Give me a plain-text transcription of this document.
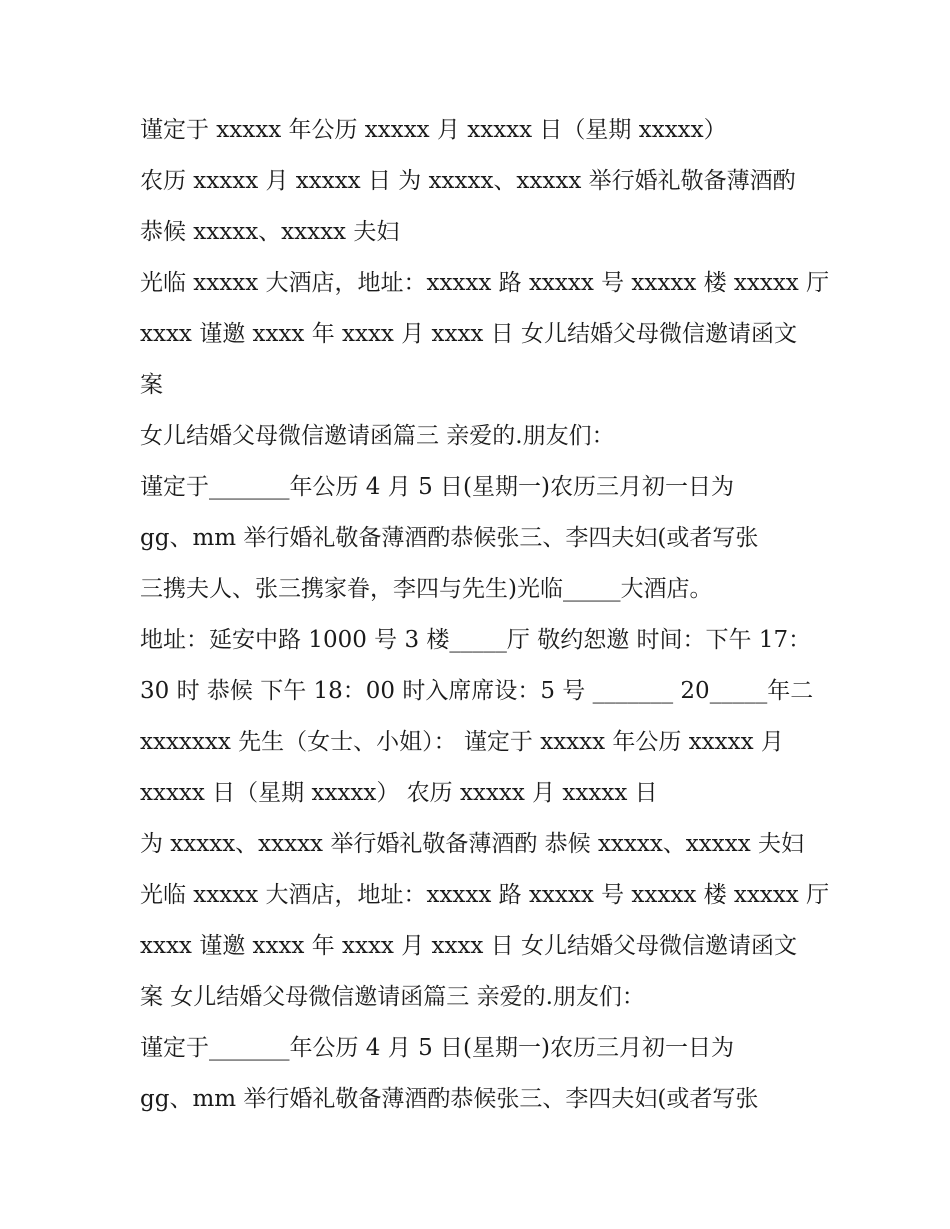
谨定于 xxxxx 年公历 xxxxx 月 xxxxx 日（星期 xxxxx）
农历 xxxxx 月 xxxxx 日 为 xxxxx、xxxxx 举行婚礼敬备薄酒酌
恭候 xxxxx、xxxxx 夫妇
光临 xxxxx 大酒店，地址：xxxxx 路 xxxxx 号 xxxxx 楼 xxxxx 厅
xxxx 谨邀 xxxx 年 xxxx 月 xxxx 日 女儿结婚父母微信邀请函文
案
女儿结婚父母微信邀请函篇三 亲爱的.朋友们：
谨定于_______年公历 4 月 5 日(星期一)农历三月初一日为
gg、mm 举行婚礼敬备薄酒酌恭候张三、李四夫妇(或者写张
三携夫人、张三携家眷，李四与先生)光临_____大酒店。
地址：延安中路 1000 号 3 楼_____厅 敬约恕邀 时间：下午 17：
30 时 恭候 下午 18：00 时入席席设：5 号 _______ 20_____年二
xxxxxxx 先生（女士、小姐）： 谨定于 xxxxx 年公历 xxxxx 月
xxxxx 日（星期 xxxxx） 农历 xxxxx 月 xxxxx 日
为 xxxxx、xxxxx 举行婚礼敬备薄酒酌 恭候 xxxxx、xxxxx 夫妇
光临 xxxxx 大酒店，地址：xxxxx 路 xxxxx 号 xxxxx 楼 xxxxx 厅
xxxx 谨邀 xxxx 年 xxxx 月 xxxx 日 女儿结婚父母微信邀请函文
案 女儿结婚父母微信邀请函篇三 亲爱的.朋友们：
谨定于_______年公历 4 月 5 日(星期一)农历三月初一日为
gg、mm 举行婚礼敬备薄酒酌恭候张三、李四夫妇(或者写张
